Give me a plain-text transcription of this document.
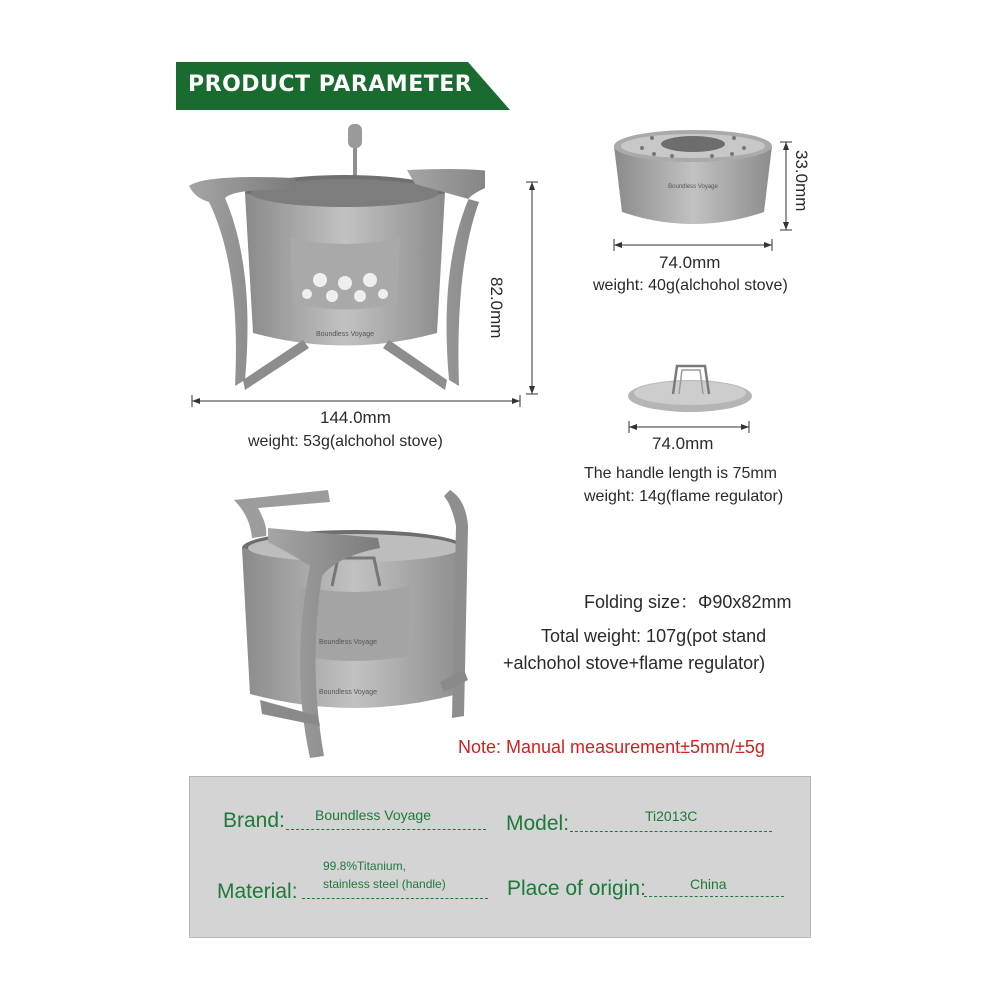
PRODUCT PARAMETER
Boundless Voyage	82.0mm
144.0mm
weight: 53g(alchohol stove)
Boundless Voyage	33.0mm
74.0mm
weight: 40g(alchohol stove)
74.0mm
The handle length is 75mm
weight: 14g(flame regulator)
Boundless Voyage
Boundless Voyage
Folding size：Φ90x82mm
Total weight: 107g(pot stand
+alchohol stove+flame regulator)
Note: Manual measurement±5mm/±5g
Brand: Boundless Voyage	Model:	Ti2013C
Material:
99.8%Titanium,
stainless steel (handle)	Place of origin:	China
